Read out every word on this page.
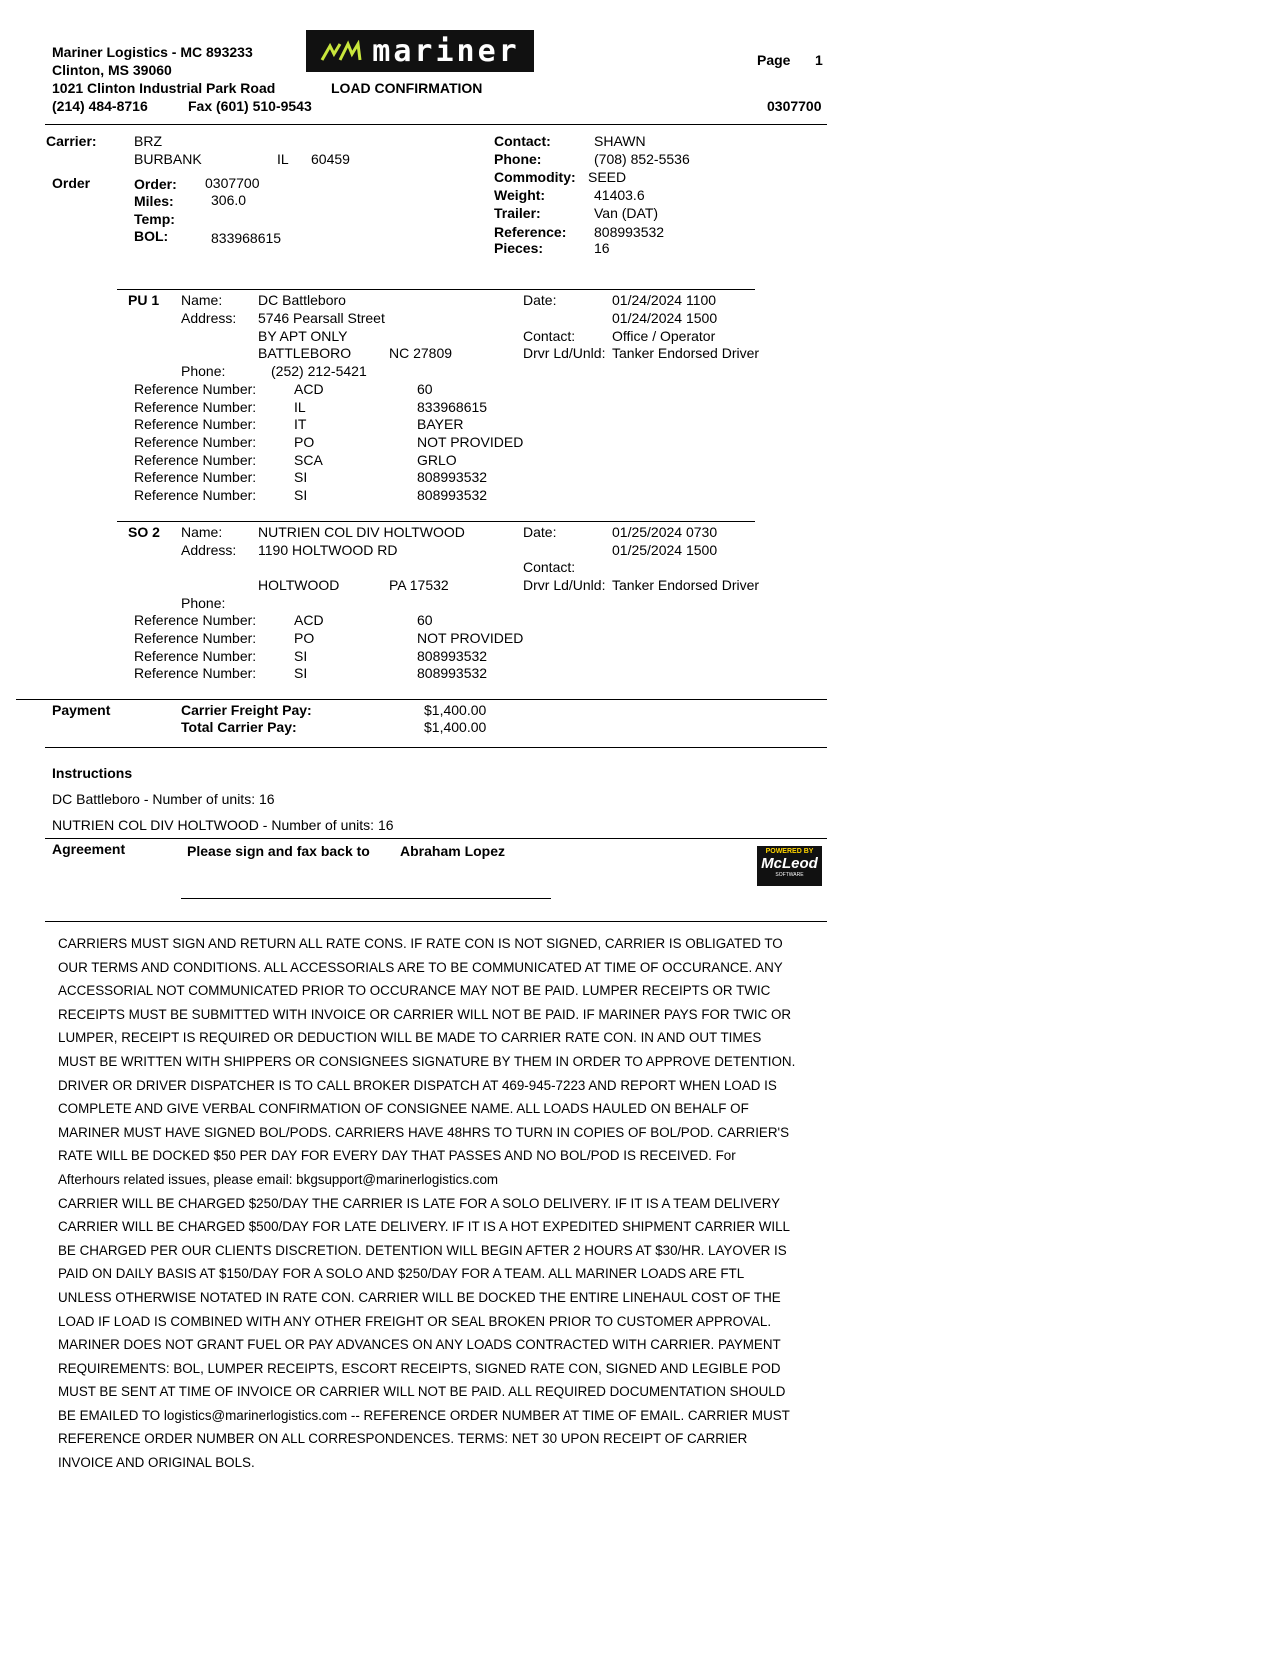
Mariner Logistics - MC 893233
Clinton, MS 39060
1021 Clinton Industrial Park Road
(214) 484-8716	Fax (601) 510-9543
LOAD CONFIRMATION
mariner	Page 1
0307700
Carrier:	BRZ
BURBANK	IL 60459
Order	Order: 0307700
Miles:	306.0
Temp:
BOL:	833968615
Contact:	SHAWN
Phone:	(708) 852-5536
Commodity: SEED
Weight:	41403.6
Trailer:	Van (DAT)
Reference: 808993532
Pieces:	16
PU 1 Name:	DC Battleboro
Address: 5746 Pearsall Street
BY APT ONLY
BATTLEBORO	NC 27809
Phone:	(252) 212-5421
Date:	01/24/2024 1100
01/24/2024 1500
Contact:	Office / Operator
Drvr Ld/Unld: Tanker Endorsed Driver
Reference Number:	ACD	60
Reference Number:	IL	833968615
Reference Number:	IT	BAYER
Reference Number:	PO	NOT PROVIDED
Reference Number:	SCA	GRLO
Reference Number:	SI	808993532
Reference Number:	SI	808993532
SO 2 Name:	NUTRIEN COL DIV HOLTWOOD
Address: 1190 HOLTWOOD RD
HOLTWOOD	PA 17532
Phone:
Date:	01/25/2024 0730
01/25/2024 1500
Contact:
Drvr Ld/Unld: Tanker Endorsed Driver
Reference Number:	ACD	60
Reference Number:	PO	NOT PROVIDED
Reference Number:	SI	808993532
Reference Number:	SI	808993532
Payment	Carrier Freight Pay:	$1,400.00
Total Carrier Pay:	$1,400.00
Instructions
DC Battleboro - Number of units: 16
NUTRIEN COL DIV HOLTWOOD - Number of units: 16
Agreement	Please sign and fax back to Abraham Lopez	POWERED BY
McLeod
SOFTWARE

CARRIERS MUST SIGN AND RETURN ALL RATE CONS. IF RATE CON IS NOT SIGNED, CARRIER IS OBLIGATED TO OUR TERMS AND CONDITIONS. ALL ACCESSORIALS ARE TO BE COMMUNICATED AT TIME OF OCCURANCE. ANY ACCESSORIAL NOT COMMUNICATED PRIOR TO OCCURANCE MAY NOT BE PAID. LUMPER RECEIPTS OR TWIC RECEIPTS MUST BE SUBMITTED WITH INVOICE OR CARRIER WILL NOT BE PAID. IF MARINER PAYS FOR TWIC OR LUMPER, RECEIPT IS REQUIRED OR DEDUCTION WILL BE MADE TO CARRIER RATE CON. IN AND OUT TIMES MUST BE WRITTEN WITH SHIPPERS OR CONSIGNEES SIGNATURE BY THEM IN ORDER TO APPROVE DETENTION. DRIVER OR DRIVER DISPATCHER IS TO CALL BROKER DISPATCH AT 469-945-7223 AND REPORT WHEN LOAD IS COMPLETE AND GIVE VERBAL CONFIRMATION OF CONSIGNEE NAME. ALL LOADS HAULED ON BEHALF OF MARINER MUST HAVE SIGNED BOL/PODS. CARRIERS HAVE 48HRS TO TURN IN COPIES OF BOL/POD. CARRIER'S RATE WILL BE DOCKED $50 PER DAY FOR EVERY DAY THAT PASSES AND NO BOL/POD IS RECEIVED. For Afterhours related issues, please email: bkgsupport@marinerlogistics.com

CARRIER WILL BE CHARGED $250/DAY THE CARRIER IS LATE FOR A SOLO DELIVERY. IF IT IS A TEAM DELIVERY CARRIER WILL BE CHARGED $500/DAY FOR LATE DELIVERY. IF IT IS A HOT EXPEDITED SHIPMENT CARRIER WILL BE CHARGED PER OUR CLIENTS DISCRETION. DETENTION WILL BEGIN AFTER 2 HOURS AT $30/HR. LAYOVER IS PAID ON DAILY BASIS AT $150/DAY FOR A SOLO AND $250/DAY FOR A TEAM. ALL MARINER LOADS ARE FTL UNLESS OTHERWISE NOTATED IN RATE CON. CARRIER WILL BE DOCKED THE ENTIRE LINEHAUL COST OF THE LOAD IF LOAD IS COMBINED WITH ANY OTHER FREIGHT OR SEAL BROKEN PRIOR TO CUSTOMER APPROVAL. MARINER DOES NOT GRANT FUEL OR PAY ADVANCES ON ANY LOADS CONTRACTED WITH CARRIER. PAYMENT REQUIREMENTS: BOL, LUMPER RECEIPTS, ESCORT RECEIPTS, SIGNED RATE CON, SIGNED AND LEGIBLE POD MUST BE SENT AT TIME OF INVOICE OR CARRIER WILL NOT BE PAID. ALL REQUIRED DOCUMENTATION SHOULD BE EMAILED TO logistics@marinerlogistics.com -- REFERENCE ORDER NUMBER AT TIME OF EMAIL. CARRIER MUST REFERENCE ORDER NUMBER ON ALL CORRESPONDENCES. TERMS: NET 30 UPON RECEIPT OF CARRIER INVOICE AND ORIGINAL BOLS.
